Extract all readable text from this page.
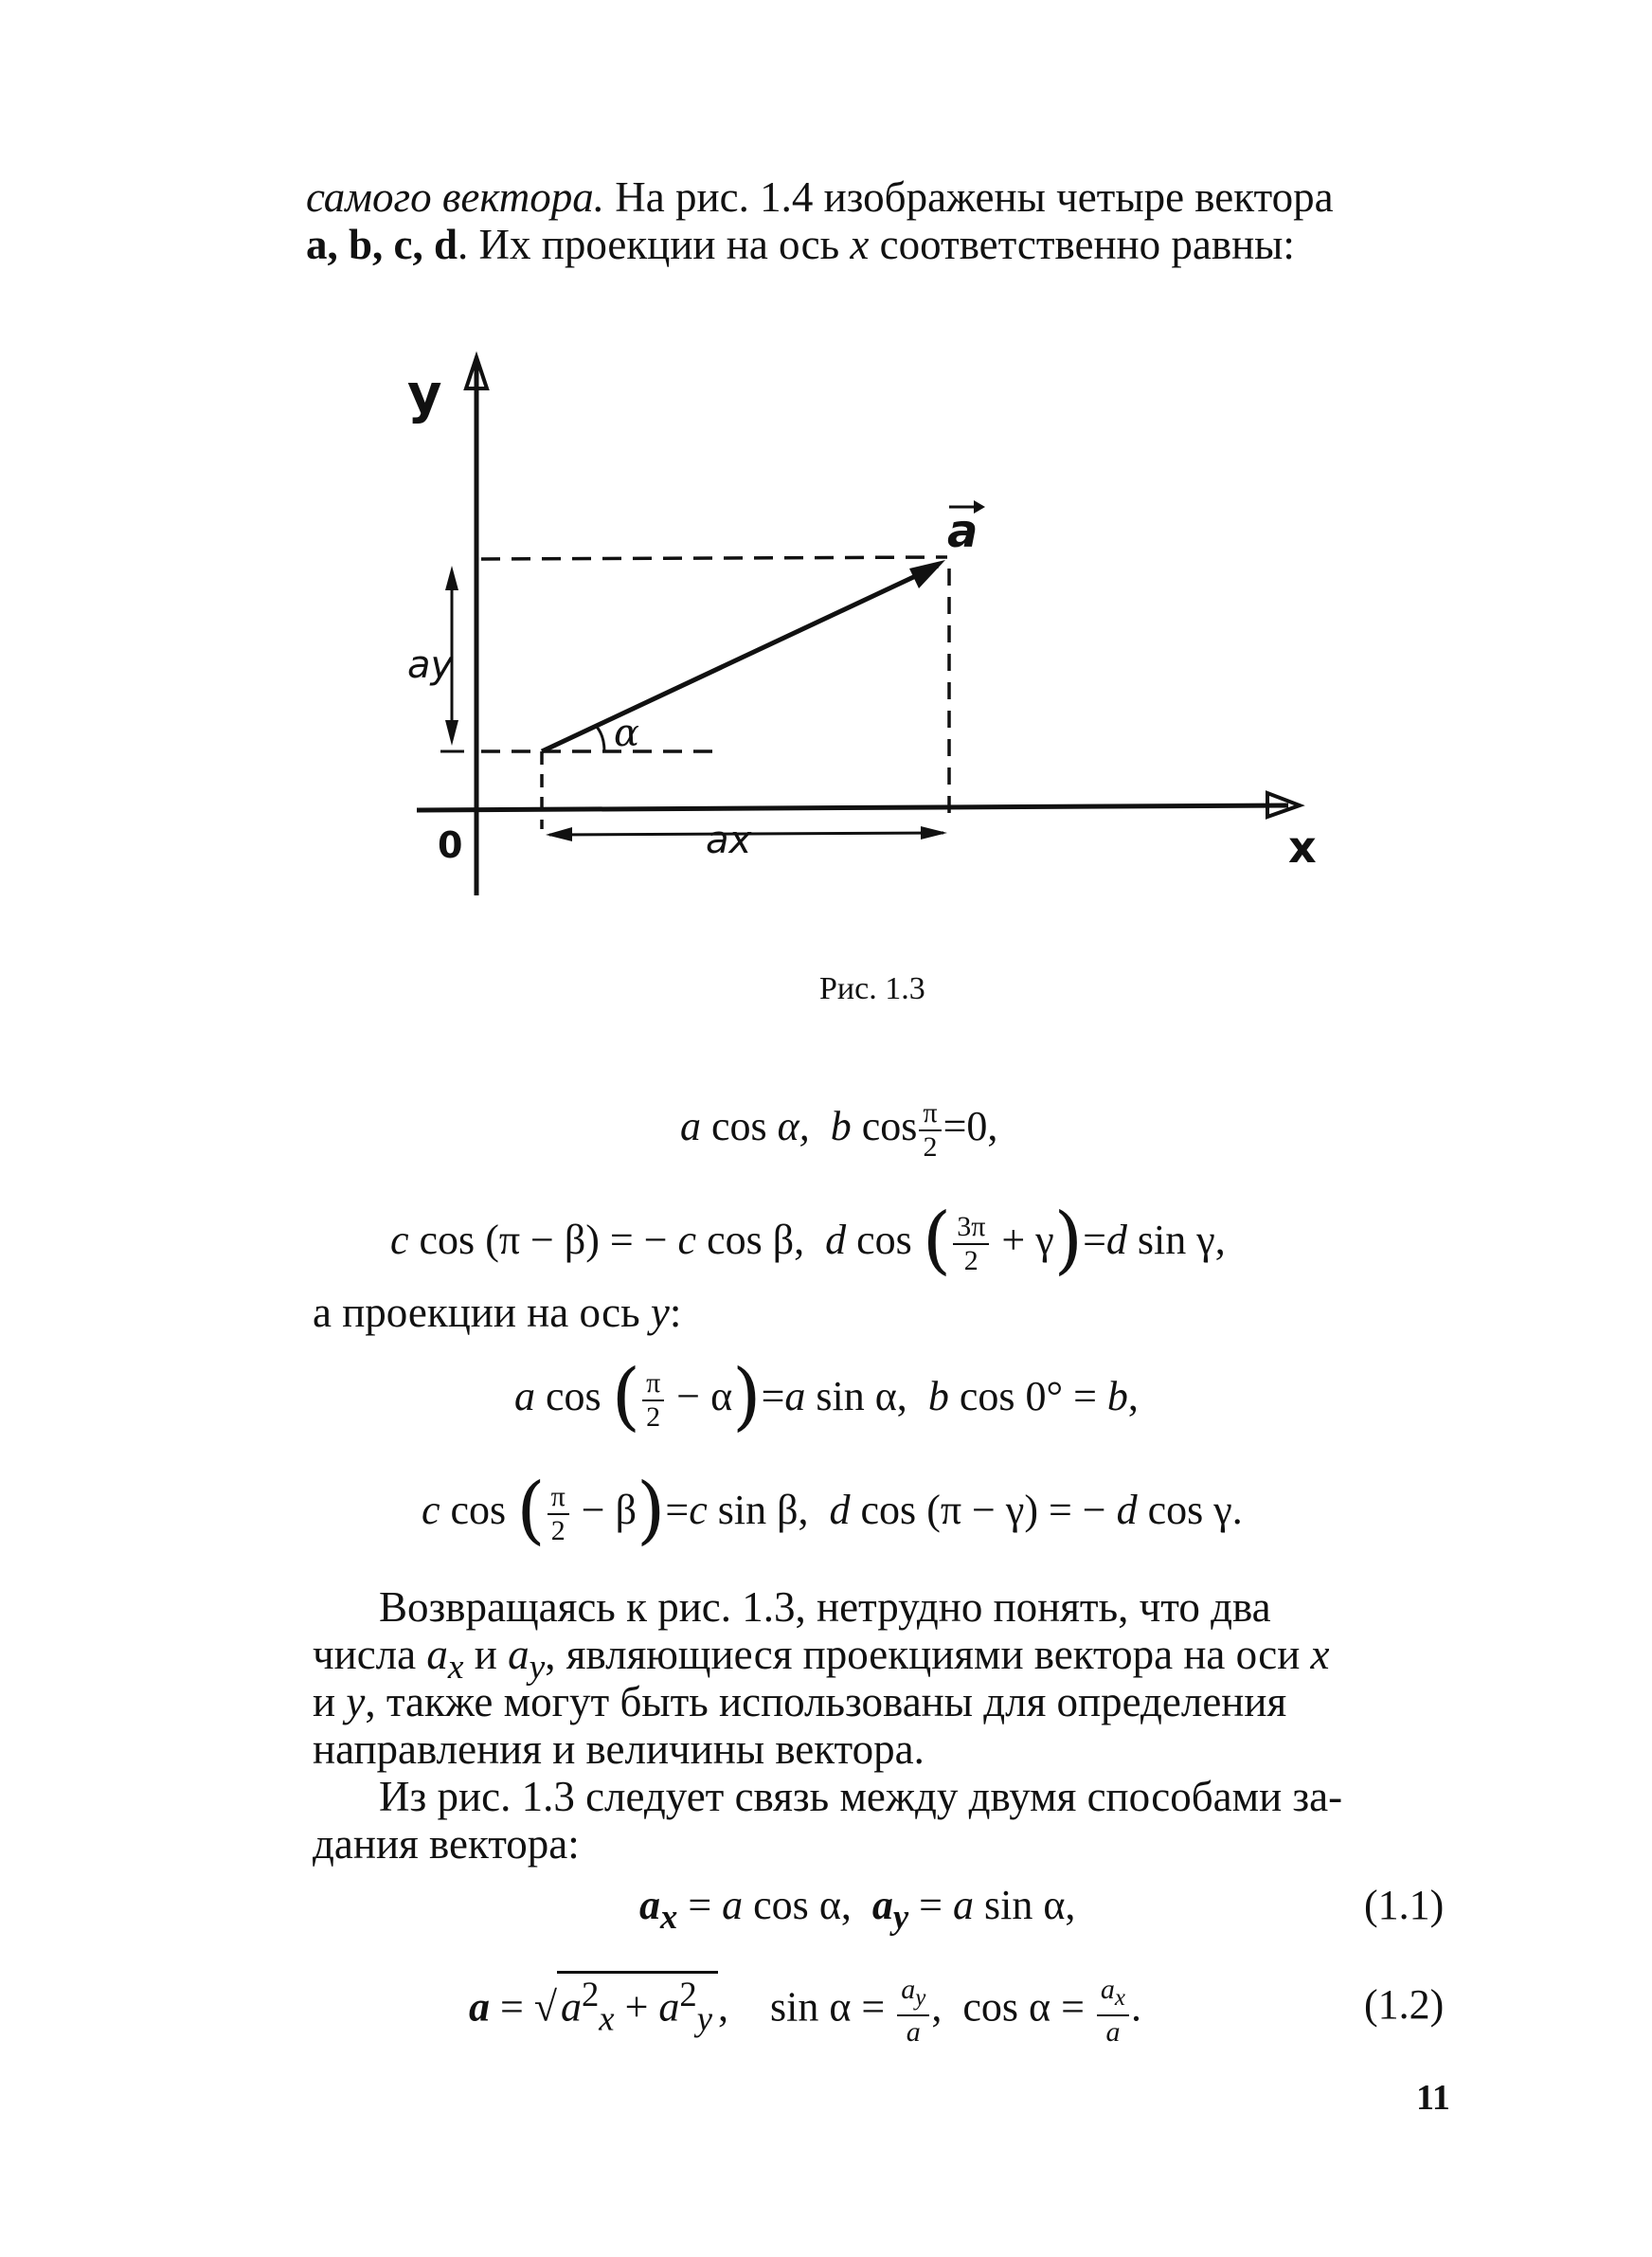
самого вектора. На рис. 1.4 изображены четыре вектора
a, b, c, d. Их проекции на ось x соответственно равны:
y
x
0
a
ay
ax
α
Рис. 1.3
a cos α, b $\cos \frac{\pi}{2} =0$,
c cos (π − β) = − c cos β,  d cos ( $\frac{3\pi}{2} + \gamma)=d$ sin γ,
а проекции на ось y:
a cos ( $\frac{\pi}{2} - \alpha)=a$ sin α,  b cos 0° = b,
c cos ( $\frac{\pi}{2} - \beta)=c$ sin β,  d cos (π − γ) = − d cos γ.
Возвращаясь к рис. 1.3, нетрудно понять, что два
числа $a_x$ и $a_y$, являющиеся проекциями вектора на оси x
и y, также могут быть использованы для определения
направления и величины вектора.
Из рис. 1.3 следует связь между двумя способами за-
дания вектора:
$a_x = a$ cos α,  $a_y = a$ sin α,	(1.1)
$a = √a^2_x + a^2_y$ ,    $\sin \alpha = \frac{a_y}{a}$ ,  $\cos \alpha = \frac{a_x}{a}$ .	(1.2)
11
